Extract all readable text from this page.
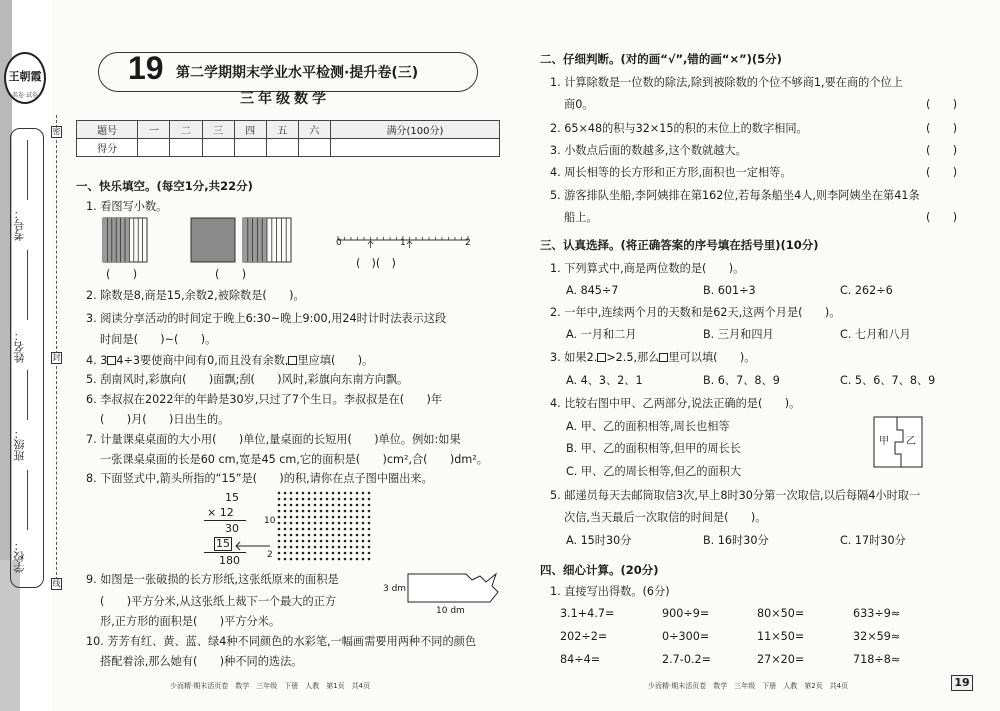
王朝霞
名卷·试卷
考号：
姓名：
班级：
学校：
密
封
线
19 第二学期期末学业水平检测·提升卷(三)
三年级数学
题号	一	二	三	四	五	六	满分(100分)
得分							
一、快乐填空。(每空1分,共22分)
1. 看图写小数。
(　　)	(　　)
0	1	2
(　)(　)
2. 除数是8,商是15,余数2,被除数是(　　)。
3. 阅读分享活动的时间定于晚上6:30~晚上9:00,用24时计时法表示这段
时间是(　　)~(　　)。
4. 3 4÷3要使商中间有0,而且没有余数, 里应填(　　)。
5. 刮南风时,彩旗向(　　)面飘;刮(　　)风时,彩旗向东南方向飘。
6. 李叔叔在2022年的年龄是30岁,只过了7个生日。李叔叔是在(　　)年
(　　)月(　　)日出生的。
7. 计量课桌桌面的大小用(　　)单位,量桌面的长短用(　　)单位。例如:如果
一张课桌桌面的长是60 cm,宽是45 cm,它的面积是(　　)cm²,合(　　)dm²。
8. 下面竖式中,箭头所指的“15”是(　　)的积,请你在点子图中圈出来。
15
× 12
30
15
180
10
2
9. 如图是一张破损的长方形纸,这张纸原来的面积是
(　　)平方分米,从这张纸上裁下一个最大的正方
形,正方形的面积是(　　)平方分米。
3 dm
10 dm
10. 芳芳有红、黄、蓝、绿4种不同颜色的水彩笔,一幅画需要用两种不同的颜色
搭配着涂,那么她有(　　)种不同的选法。
少而精·期末活页卷　数学　三年级　下册　人教　第1页　共4页
二、仔细判断。(对的画“√”,错的画“×”)(5分)
1. 计算除数是一位数的除法,除到被除数的个位不够商1,要在商的个位上
商0。	(　　)
2. 65×48的积与32×15的积的末位上的数字相同。	(　　)
3. 小数点后面的数越多,这个数就越大。	(　　)
4. 周长相等的长方形和正方形,面积也一定相等。	(　　)
5. 游客排队坐船,李阿姨排在第162位,若每条船坐4人,则李阿姨坐在第41条
船上。	(　　)
三、认真选择。(将正确答案的序号填在括号里)(10分)
1. 下列算式中,商是两位数的是(　　)。
A. 845÷7	B. 601÷3	C. 262÷6
2. 一年中,连续两个月的天数和是62天,这两个月是(　　)。
A. 一月和二月	B. 三月和四月	C. 七月和八月
3. 如果2. >2.5,那么 里可以填(　　)。
A. 4、3、2、1	B. 6、7、8、9	C. 5、6、7、8、9
4. 比较右图中甲、乙两部分,说法正确的是(　　)。
A. 甲、乙的面积相等,周长也相等
B. 甲、乙的面积相等,但甲的周长长
C. 甲、乙的周长相等,但乙的面积大
甲 乙
5. 邮递员每天去邮筒取信3次,早上8时30分第一次取信,以后每隔4小时取一
次信,当天最后一次取信的时间是(　　)。
A. 15时30分	B. 16时30分	C. 17时30分
四、细心计算。(20分)
1. 直接写出得数。(6分)
3.1+4.7=	900÷9=	80×50=	633÷9≈
202÷2=	0÷300=	11×50=	32×59≈
84÷4=	2.7-0.2=	27×20=	718÷8≈
少而精·期末活页卷　数学　三年级　下册　人教　第2页　共4页	19
